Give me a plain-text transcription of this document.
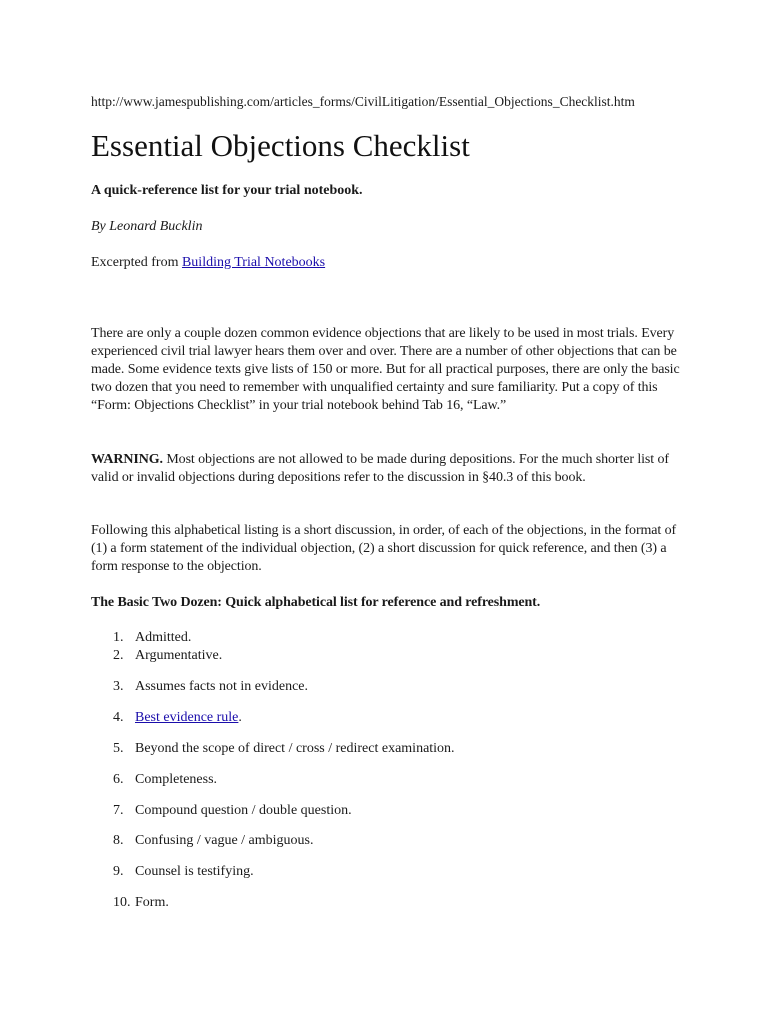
http://www.jamespublishing.com/articles_forms/CivilLitigation/Essential_Objections_Checklist.htm
Essential Objections Checklist

A quick-reference list for your trial notebook.

By Leonard Bucklin

Excerpted from Building Trial Notebooks

There are only a couple dozen common evidence objections that are likely to be used in most trials. Every experienced civil trial lawyer hears them over and over. There are a number of other objections that can be made. Some evidence texts give lists of 150 or more. But for all practical purposes, there are only the basic two dozen that you need to remember with unqualified certainty and sure familiarity. Put a copy of this “Form: Objections Checklist” in your trial notebook behind Tab 16, “Law.”

WARNING. Most objections are not allowed to be made during depositions. For the much shorter list of valid or invalid objections during depositions refer to the discussion in §40.3 of this book.

Following this alphabetical listing is a short discussion, in order, of each of the objections, in the format of (1) a form statement of the individual objection, (2) a short discussion for quick reference, and then (3) a form response to the objection.

The Basic Two Dozen: Quick alphabetical list for reference and refreshment.

1. Admitted.
2. Argumentative.
3. Assumes facts not in evidence.
4. Best evidence rule.
5. Beyond the scope of direct / cross / redirect examination.
6. Completeness.
7. Compound question / double question.
8. Confusing / vague / ambiguous.
9. Counsel is testifying.
10. Form.
